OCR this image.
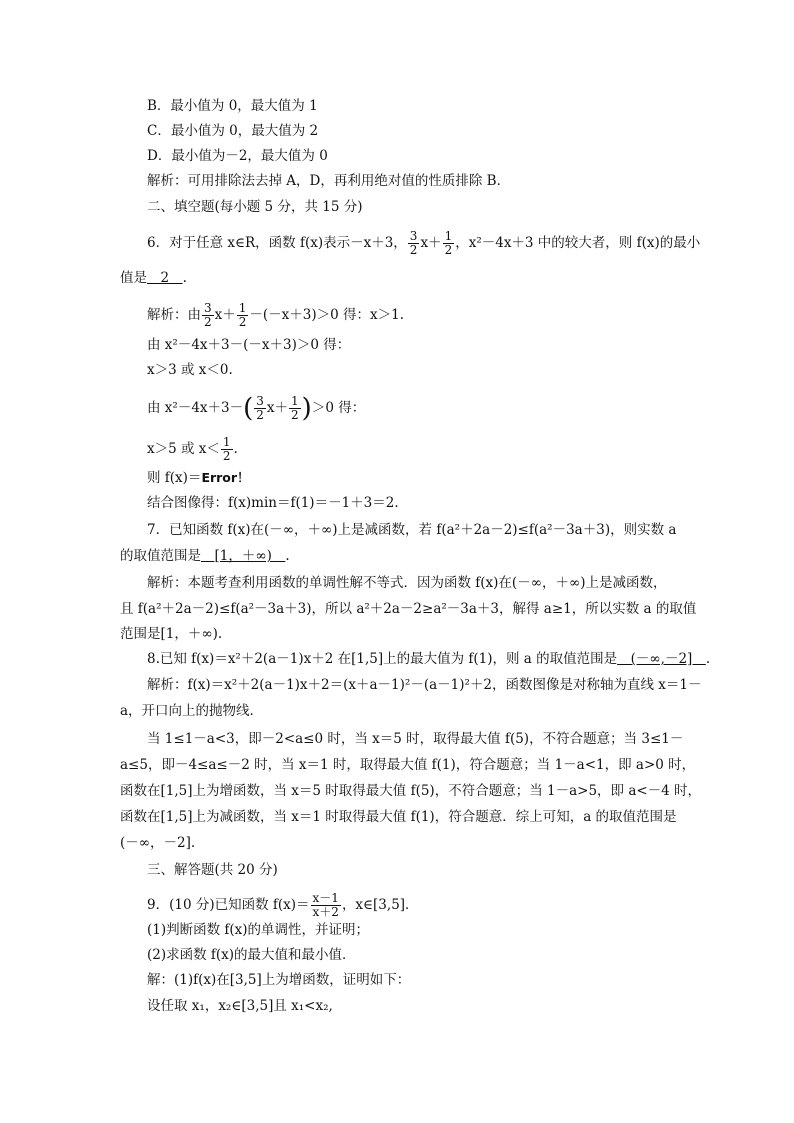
B．最小值为 0，最大值为 1
C．最小值为 0，最大值为 2
D．最小值为－2，最大值为 0
解析：可用排除法去掉 A，D，再利用绝对值的性质排除 B．
二、填空题(每小题 5 分，共 15 分)
6．对于任意 x∈R，函数 f(x)表示－x＋3， $\frac{3}{2} x+ \frac{1}{2}$ ，x²－4x＋3 中的较大者，则 f(x)的最小
值是　2　.
解析：由 $\frac{3}{2} x+ \frac{1}{2} -(-x+3)>0$ 得：x＞1.
由 x²－4x＋3－(－x＋3)＞0 得：
x＞3 或 x＜0.
由 $x^2-4x+3-( \frac{3}{2} x+ \frac{1}{2} )>0$ 得：
x＞5 或 $x< \frac{1}{2}$ .
则 f(x)＝Error！
结合图像得：f(x)min＝f(1)＝－1＋3＝2.
7．已知函数 f(x)在(－∞，＋∞)上是减函数，若 f(a²＋2a－2)≤f(a²－3a＋3)，则实数 a
的取值范围是　[1，＋∞)　.
解析：本题考查利用函数的单调性解不等式．因为函数 f(x)在(－∞，＋∞)上是减函数，
且 f(a²＋2a－2)≤f(a²－3a＋3)，所以 a²＋2a－2≥a²－3a＋3，解得 a≥1，所以实数 a 的取值
范围是[1，＋∞).
8.已知 f(x)＝x²＋2(a－1)x＋2 在[1,5]上的最大值为 f(1)，则 a 的取值范围是　(－∞,－2]　.
解析：f(x)＝x²＋2(a－1)x＋2＝(x＋a－1)²－(a－1)²＋2，函数图像是对称轴为直线 x＝1－
a，开口向上的抛物线．
当 1≤1－a<3，即－2<a≤0 时，当 x＝5 时，取得最大值 f(5)，不符合题意；当 3≤1－
a≤5，即－4≤a≤－2 时，当 x＝1 时，取得最大值 f(1)，符合题意；当 1－a<1，即 a>0 时，
函数在[1,5]上为增函数，当 x＝5 时取得最大值 f(5)，不符合题意；当 1－a>5，即 a<－4 时，
函数在[1,5]上为减函数，当 x＝1 时取得最大值 f(1)，符合题意．综上可知，a 的取值范围是
(－∞，－2].
三、解答题(共 20 分)
9．(10 分)已知函数 $f(x)= \frac{x-1}{x+2}$ ，x∈[3,5]．
(1)判断函数 f(x)的单调性，并证明；
(2)求函数 f(x)的最大值和最小值．
解：(1)f(x)在[3,5]上为增函数，证明如下：
设任取 x₁，x₂∈[3,5]且 x₁<x₂,
